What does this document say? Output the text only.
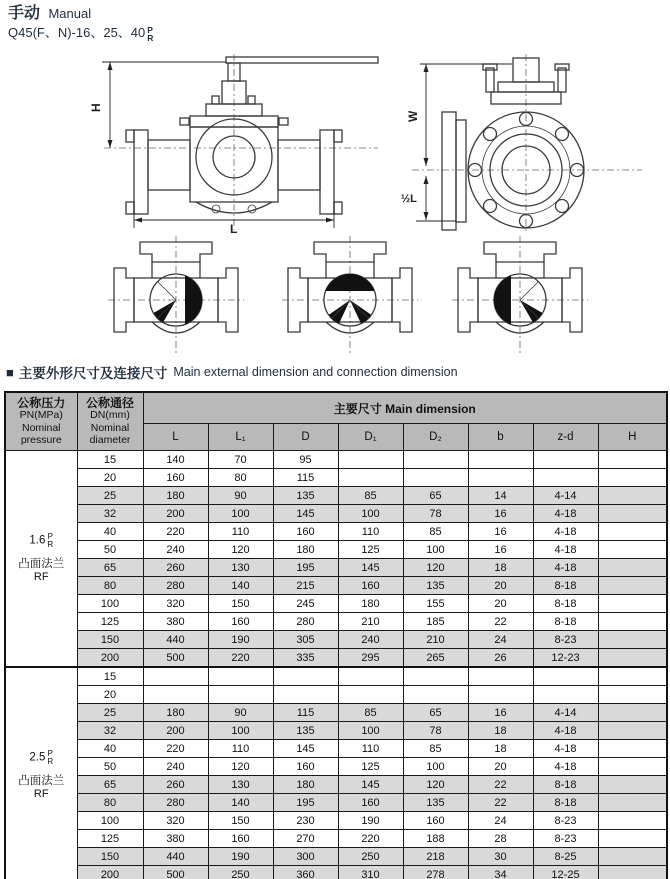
手动 Manual
Q45(F、N)-16、25、40 P
R
H
L
W
½L
■ 主要外形尺寸及连接尺寸 Main external dimension and connection dimension
公称压力
PN(MPa)
Nominal
pressure	公称通径
DN(mm)
Nominal
diameter	主要尺寸 Main dimension							
		L	L₁	D	D₁	D₂	b	z-d	H

1.6 P
R
凸面法兰
RF	15	140	70	95					
	20	160	80	115					
	25	180	90	135	85	65	14	4-14	
	32	200	100	145	100	78	16	4-18	
	40	220	110	160	110	85	16	4-18	
	50	240	120	180	125	100	16	4-18	
	65	260	130	195	145	120	18	4-18	
	80	280	140	215	160	135	20	8-18	
	100	320	150	245	180	155	20	8-18	
	125	380	160	280	210	185	22	8-18	
	150	440	190	305	240	210	24	8-23	
	200	500	220	335	295	265	26	12-23	

2.5 P
R
凸面法兰
RF	15								
	20								
	25	180	90	115	85	65	16	4-14	
	32	200	100	135	100	78	18	4-18	
	40	220	110	145	110	85	18	4-18	
	50	240	120	160	125	100	20	4-18	
	65	260	130	180	145	120	22	8-18	
	80	280	140	195	160	135	22	8-18	
	100	320	150	230	190	160	24	8-23	
	125	380	160	270	220	188	28	8-23	
	150	440	190	300	250	218	30	8-25	
	200	500	250	360	310	278	34	12-25	
